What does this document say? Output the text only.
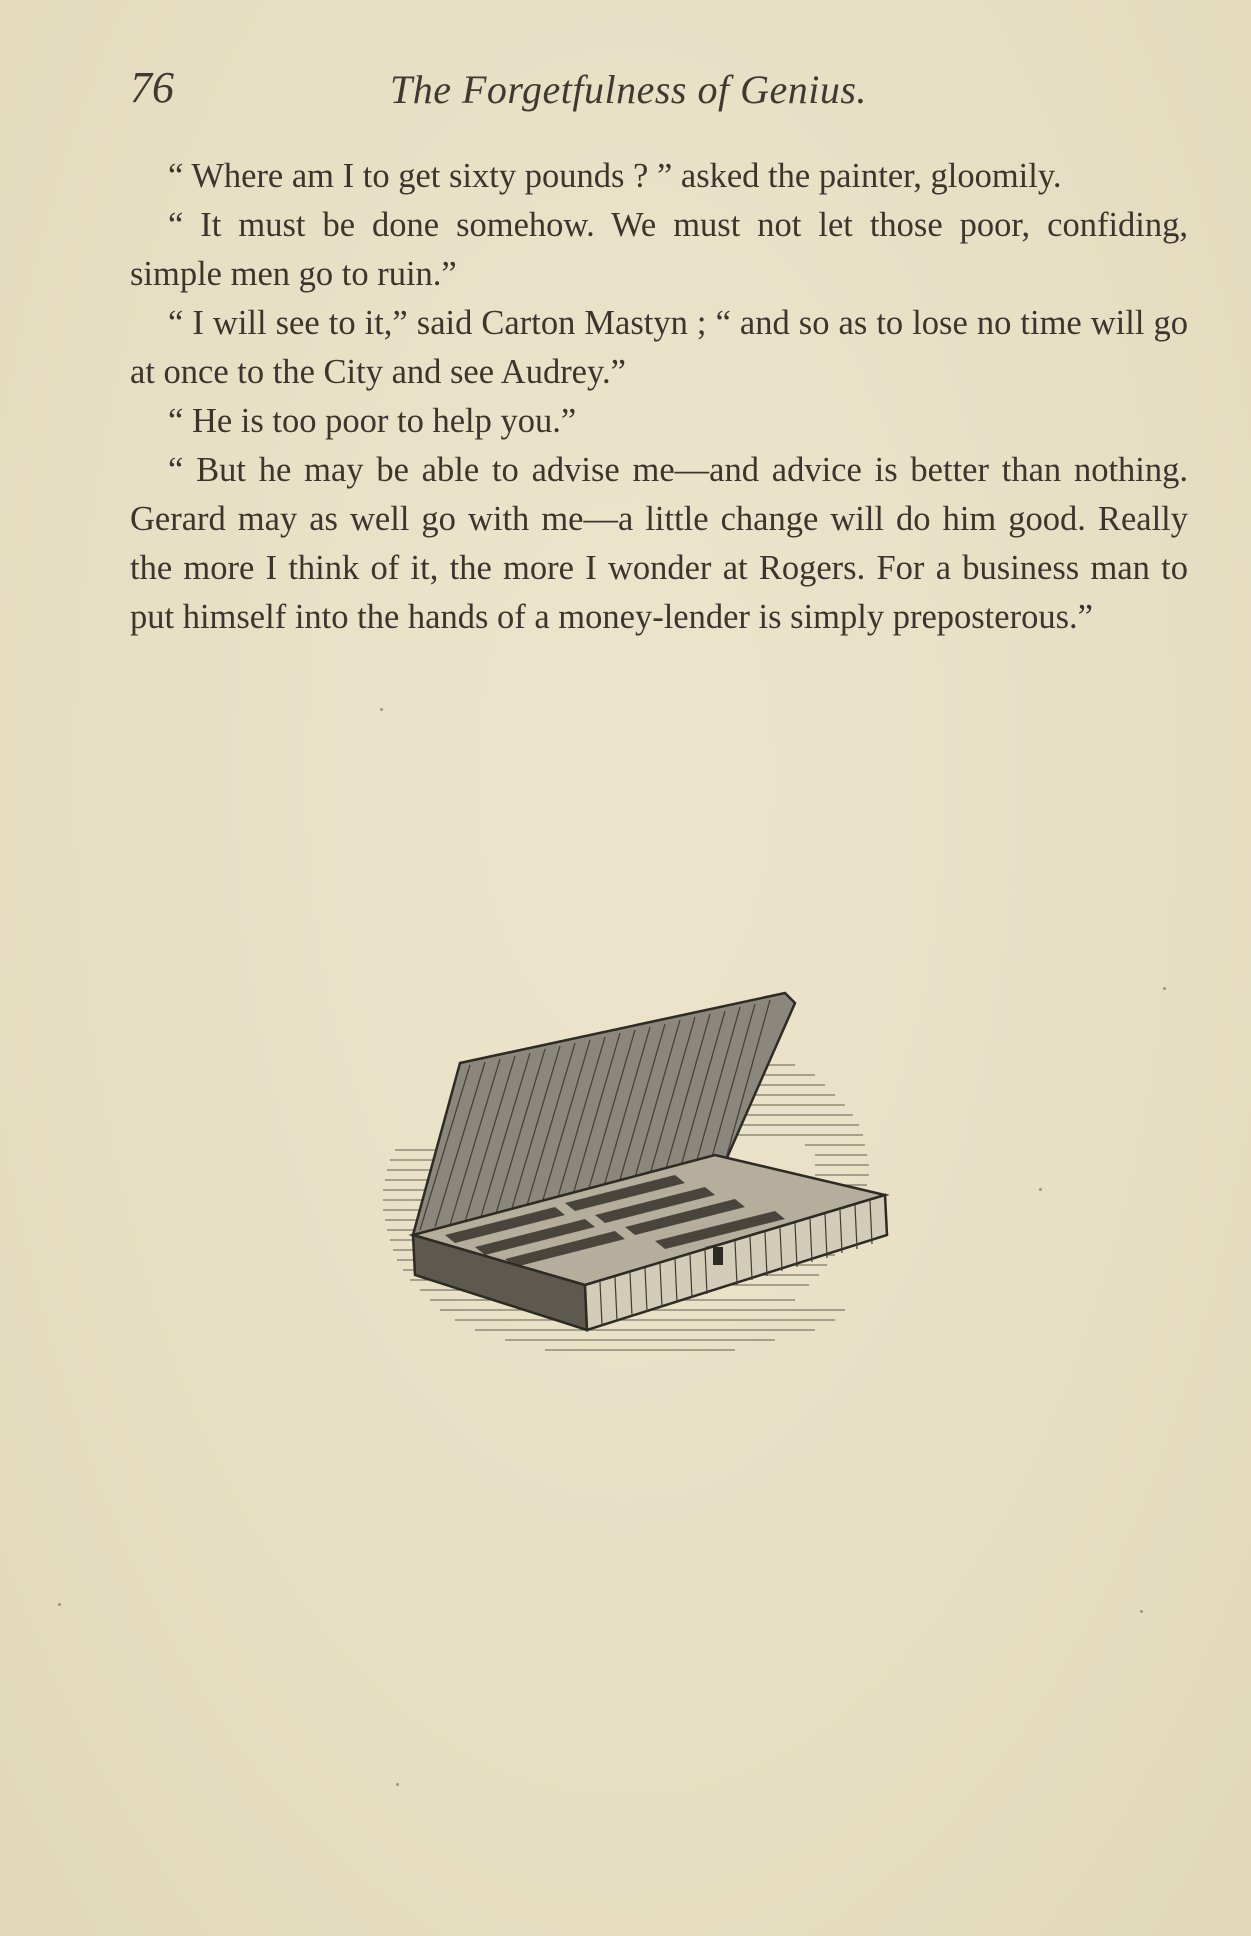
76	The Forgetfulness of Genius.

“ Where am I to get sixty pounds ? ” asked the painter, gloomily.

“ It must be done somehow. We must not let those poor, confiding, simple men go to ruin.”

“ I will see to it,” said Carton Mastyn ; “ and so as to lose no time will go at once to the City and see Audrey.”

“ He is too poor to help you.”

“ But he may be able to advise me—and advice is better than nothing. Gerard may as well go with me—a little change will do him good. Really the more I think of it, the more I wonder at Rogers. For a business man to put himself into the hands of a money-lender is simply preposterous.”
